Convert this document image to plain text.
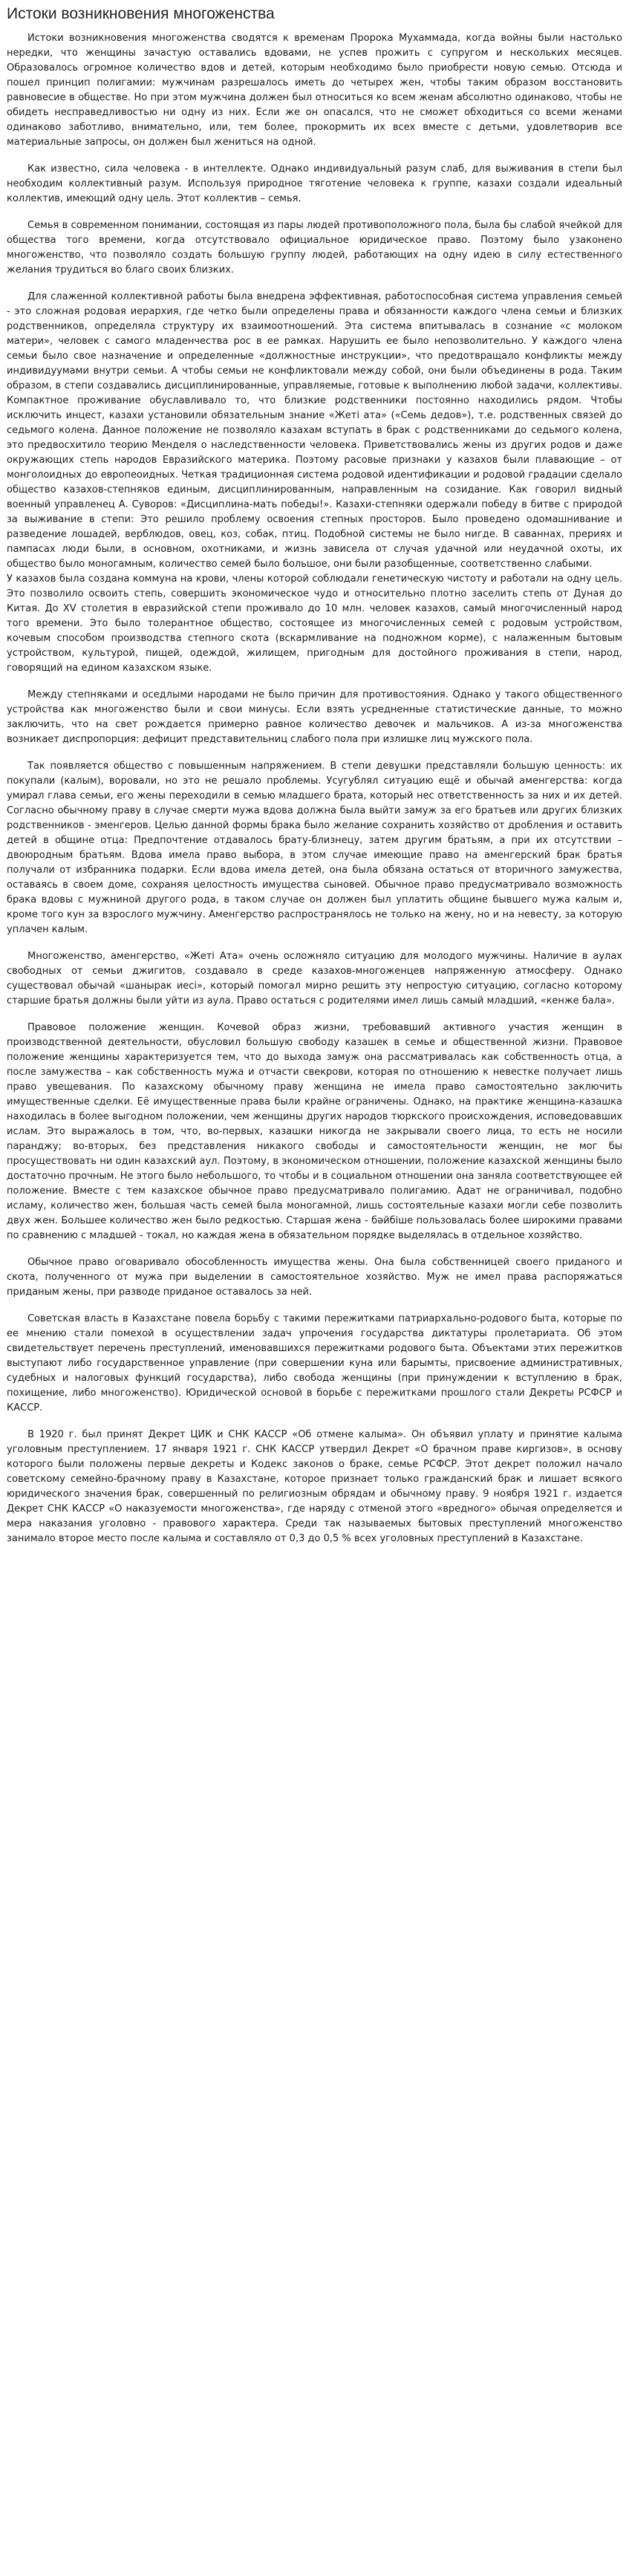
Истоки возникновения многоженства

Истоки возникновения многоженства сводятся к временам Пророка Мухаммада, когда войны были настолько нередки, что женщины зачастую оставались вдовами, не успев прожить с супругом и нескольких месяцев. Образовалось огромное количество вдов и детей, которым необходимо было приобрести новую семью. Отсюда и пошел принцип полигамии: мужчинам разрешалось иметь до четырех жен, чтобы таким образом восстановить равновесие в обществе. Но при этом мужчина должен был относиться ко всем женам абсолютно одинаково, чтобы не обидеть несправедливостью ни одну из них. Если же он опасался, что не сможет обходиться со всеми женами одинаково заботливо, внимательно, или, тем более, прокормить их всех вместе с детьми, удовлетворив все материальные запросы, он должен был жениться на одной.

Как известно, сила человека - в интеллекте. Однако индивидуальный разум слаб, для выживания в степи был необходим коллективный разум. Используя природное тяготение человека к группе, казахи создали идеальный коллектив, имеющий одну цель. Этот коллектив – семья.

Семья в современном понимании, состоящая из пары людей противоположного пола, была бы слабой ячейкой для общества того времени, когда отсутствовало официальное юридическое право. Поэтому было узаконено многоженство, что позволяло создать большую группу людей, работающих на одну идею в силу естественного желания трудиться во благо своих близких.

Для слаженной коллективной работы была внедрена эффективная, работоспособная система управления семьей - это сложная родовая иерархия, где четко были определены права и обязанности каждого члена семьи и близких родственников, определяла структуру их взаимоотношений. Эта система впитывалась в сознание «с молоком матери», человек с самого младенчества рос в ее рамках. Нарушить ее было непозволительно. У каждого члена семьи было свое назначение и определенные «должностные инструкции», что предотвращало конфликты между индивидуумами внутри семьи. А чтобы семьи не конфликтовали между собой, они были объединены в рода. Таким образом, в степи создавались дисциплинированные, управляемые, готовые к выполнению любой задачи, коллективы. Компактное проживание обуславливало то, что близкие родственники постоянно находились рядом. Чтобы исключить инцест, казахи установили обязательным знание «Жеті ата» («Семь дедов»), т.е. родственных связей до седьмого колена. Данное положение не позволяло казахам вступать в брак с родственниками до седьмого колена, это предвосхитило теорию Менделя о наследственности человека. Приветствовались жены из других родов и даже окружающих степь народов Евразийского материка. Поэтому расовые признаки у казахов были плавающие – от монголоидных до европеоидных. Четкая традиционная система родовой идентификации и родовой градации сделало общество казахов-степняков единым, дисциплинированным, направленным на созидание. Как говорил видный военный управленец А. Суворов: «Дисциплина-мать победы!». Казахи-степняки одержали победу в битве с природой за выживание в степи: Это решило проблему освоения степных просторов. Было проведено одомашнивание и разведение лошадей, верблюдов, овец, коз, собак, птиц. Подобной системы не было нигде. В саваннах, прериях и пампасах люди были, в основном, охотниками, и жизнь зависела от случая удачной или неудачной охоты, их общество было моногамным, количество семей было большое, они были разобщенные, соответственно слабыми.

У казахов была создана коммуна на крови, члены которой соблюдали генетическую чистоту и работали на одну цель. Это позволило освоить степь, совершить экономическое чудо и относительно плотно заселить степь от Дуная до Китая. До XV столетия в евразийской степи проживало до 10 млн. человек казахов, самый многочисленный народ того времени. Это было толерантное общество, состоящее из многочисленных семей с родовым устройством, кочевым способом производства степного скота (вскармливание на подножном корме), с налаженным бытовым устройством, культурой, пищей, одеждой, жилищем, пригодным для достойного проживания в степи, народ, говорящий на едином казахском языке.

Между степняками и оседлыми народами не было причин для противостояния. Однако у такого общественного устройства как многоженство были и свои минусы. Если взять усредненные статистические данные, то можно заключить, что на свет рождается примерно равное количество девочек и мальчиков. А из-за многоженства возникает диспропорция: дефицит представительниц слабого пола при излишке лиц мужского пола.

Так появляется общество с повышенным напряжением. В степи девушки представляли большую ценность: их покупали (калым), воровали, но это не решало проблемы. Усугублял ситуацию ещё и обычай аменгерства: когда умирал глава семьи, его жены переходили в семью младшего брата, который нес ответственность за них и их детей. Согласно обычному праву в случае смерти мужа вдова должна была выйти замуж за его братьев или других близких родственников - эменгеров. Целью данной формы брака было желание сохранить хозяйство от дробления и оставить детей в общине отца: Предпочтение отдавалось брату-близнецу, затем другим братьям, а при их отсутствии – двоюродным братьям. Вдова имела право выбора, в этом случае имеющие право на аменгерский брак братья получали от избранника подарки. Если вдова имела детей, она была обязана остаться от вторичного замужества, оставаясь в своем доме, сохраняя целостность имущества сыновей. Обычное право предусматривало возможность брака вдовы с мужниной другого рода, в таком случае он должен был уплатить общине бывшего мужа калым и, кроме того кун за взрослого мужчину. Аменгерство распространялось не только на жену, но и на невесту, за которую уплачен калым.

Многоженство, аменгерство, «Жеті Ата» очень осложняло ситуацию для молодого мужчины. Наличие в аулах свободных от семьи джигитов, создавало в среде казахов-многоженцев напряженную атмосферу. Однако существовал обычай «шанырак иесі», который помогал мирно решить эту непростую ситуацию, согласно которому старшие братья должны были уйти из аула. Право остаться с родителями имел лишь самый младший, «кенже бала».

Правовое положение женщин. Кочевой образ жизни, требовавший активного участия женщин в производственной деятельности, обусловил большую свободу казашек в семье и общественной жизни. Правовое положение женщины характеризуется тем, что до выхода замуж она рассматривалась как собственность отца, а после замужества – как собственность мужа и отчасти свекрови, которая по отношению к невестке получает лишь право увещевания. По казахскому обычному праву женщина не имела право самостоятельно заключить имущественные сделки. Её имущественные права были крайне ограничены. Однако, на практике женщина-казашка находилась в более выгодном положении, чем женщины других народов тюркского происхождения, исповедовавших ислам. Это выражалось в том, что, во-первых, казашки никогда не закрывали своего лица, то есть не носили паранджу; во-вторых, без представления никакого свободы и самостоятельности женщин, не мог бы просуществовать ни один казахский аул. Поэтому, в экономическом отношении, положение казахской женщины было достаточно прочным. Не этого было небольшого, то чтобы и в социальном отношении она заняла соответствующее ей положение. Вместе с тем казахское обычное право предусматривало полигамию. Адат не ограничивал, подобно исламу, количество жен, большая часть семей была моногамной, лишь состоятельные казахи могли себе позволить двух жен. Большее количество жен было редкостью. Старшая жена - бәйбіше пользовалась более широкими правами по сравнению с младшей - токал, но каждая жена в обязательном порядке выделялась в отдельное хозяйство.

Обычное право оговаривало обособленность имущества жены. Она была собственницей своего приданого и скота, полученного от мужа при выделении в самостоятельное хозяйство. Муж не имел права распоряжаться приданым жены, при разводе приданое оставалось за ней.

Советская власть в Казахстане повела борьбу с такими пережитками патриархально-родового быта, которые по ее мнению стали помехой в осуществлении задач упрочения государства диктатуры пролетариата. Об этом свидетельствует перечень преступлений, именовавшихся пережитками родового быта. Объектами этих пережитков выступают либо государственное управление (при совершении куна или барымты, присвоение административных, судебных и налоговых функций государства), либо свобода женщины (при принуждении к вступлению в брак, похищение, либо многоженство). Юридической основой в борьбе с пережитками прошлого стали Декреты РСФСР и КАССР.

В 1920 г. был принят Декрет ЦИК и СНК КАССР «Об отмене калыма». Он объявил уплату и принятие калыма уголовным преступлением. 17 января 1921 г. СНК КАССР утвердил Декрет «О брачном праве киргизов», в основу которого были положены первые декреты и Кодекс законов о браке, семье РСФСР. Этот декрет положил начало советскому семейно-брачному праву в Казахстане, которое признает только гражданский брак и лишает всякого юридического значения брак, совершенный по религиозным обрядам и обычному праву. 9 ноября 1921 г. издается Декрет СНК КАССР «О наказуемости многоженства», где наряду с отменой этого «вредного» обычая определяется и мера наказания уголовно - правового характера. Среди так называемых бытовых преступлений многоженство занимало второе место после калыма и составляло от 0,3 до 0,5 % всех уголовных преступлений в Казахстане.
